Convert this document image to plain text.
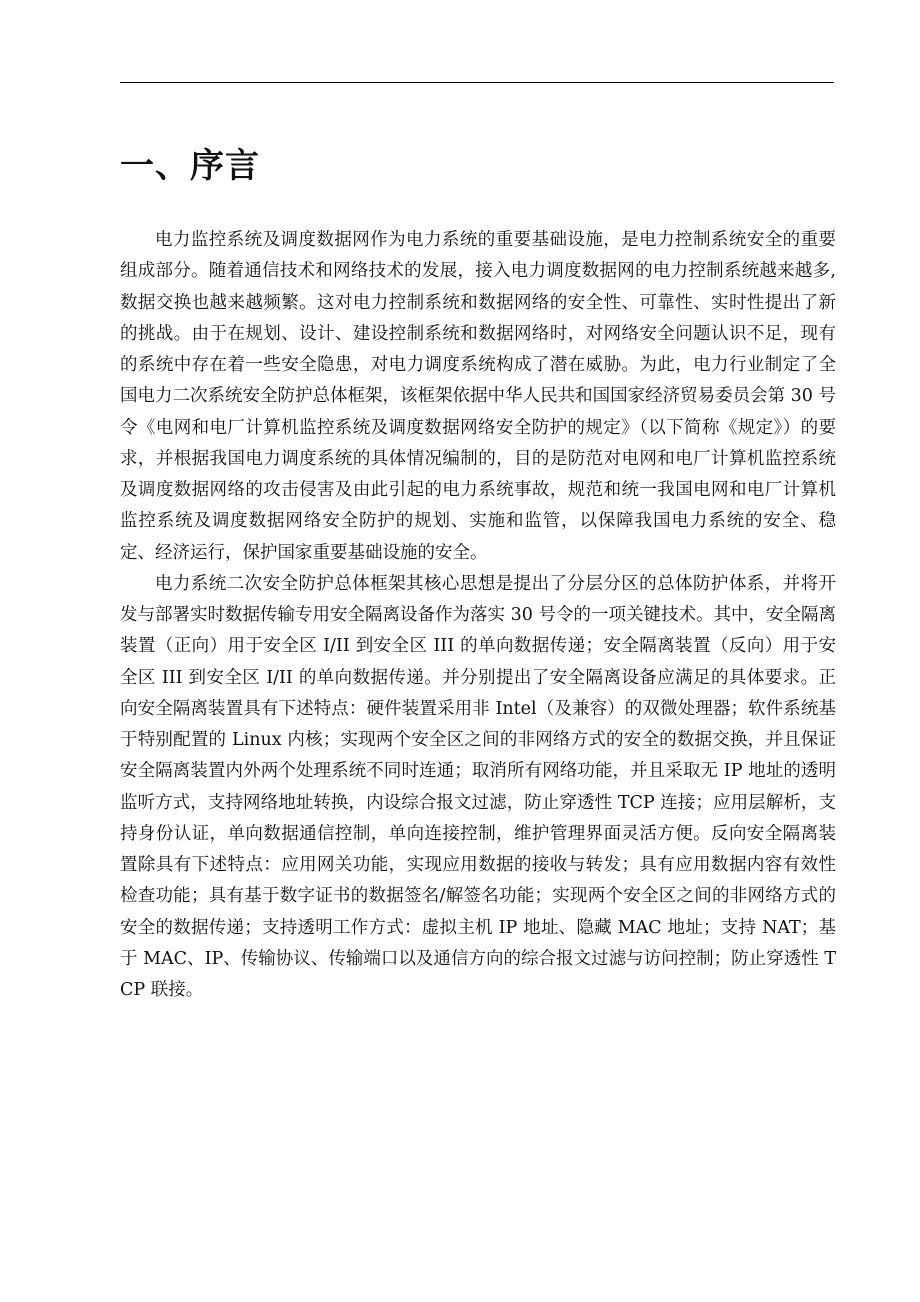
一、序言

电力监控系统及调度数据网作为电力系统的重要基础设施，是电力控制系统安全的重要组成部分。随着通信技术和网络技术的发展，接入电力调度数据网的电力控制系统越来越多,数据交换也越来越频繁。这对电力控制系统和数据网络的安全性、可靠性、实时性提出了新的挑战。由于在规划、设计、建设控制系统和数据网络时，对网络安全问题认识不足，现有的系统中存在着一些安全隐患，对电力调度系统构成了潜在威胁。为此，电力行业制定了全国电力二次系统安全防护总体框架，该框架依据中华人民共和国国家经济贸易委员会第 30 号令《电网和电厂计算机监控系统及调度数据网络安全防护的规定》（以下简称《规定》）的要求，并根据我国电力调度系统的具体情况编制的，目的是防范对电网和电厂计算机监控系统及调度数据网络的攻击侵害及由此引起的电力系统事故，规范和统一我国电网和电厂计算机监控系统及调度数据网络安全防护的规划、实施和监管，以保障我国电力系统的安全、稳定、经济运行，保护国家重要基础设施的安全。

电力系统二次安全防护总体框架其核心思想是提出了分层分区的总体防护体系，并将开发与部署实时数据传输专用安全隔离设备作为落实 30 号令的一项关键技术。其中，安全隔离装置（正向）用于安全区 I/II 到安全区 III 的单向数据传递；安全隔离装置（反向）用于安全区 III 到安全区 I/II 的单向数据传递。并分别提出了安全隔离设备应满足的具体要求。正向安全隔离装置具有下述特点：硬件装置采用非 Intel（及兼容）的双微处理器；软件系统基于特别配置的 Linux 内核；实现两个安全区之间的非网络方式的安全的数据交换，并且保证安全隔离装置内外两个处理系统不同时连通；取消所有网络功能，并且采取无 IP 地址的透明监听方式，支持网络地址转换，内设综合报文过滤，防止穿透性 TCP 连接；应用层解析，支持身份认证，单向数据通信控制，单向连接控制，维护管理界面灵活方便。反向安全隔离装置除具有下述特点：应用网关功能，实现应用数据的接收与转发；具有应用数据内容有效性检查功能；具有基于数字证书的数据签名/解签名功能；实现两个安全区之间的非网络方式的安全的数据传递；支持透明工作方式：虚拟主机 IP 地址、隐藏 MAC 地址；支持 NAT；基于 MAC、IP、传输协议、传输端口以及通信方向的综合报文过滤与访问控制；防止穿透性 TCP 联接。
